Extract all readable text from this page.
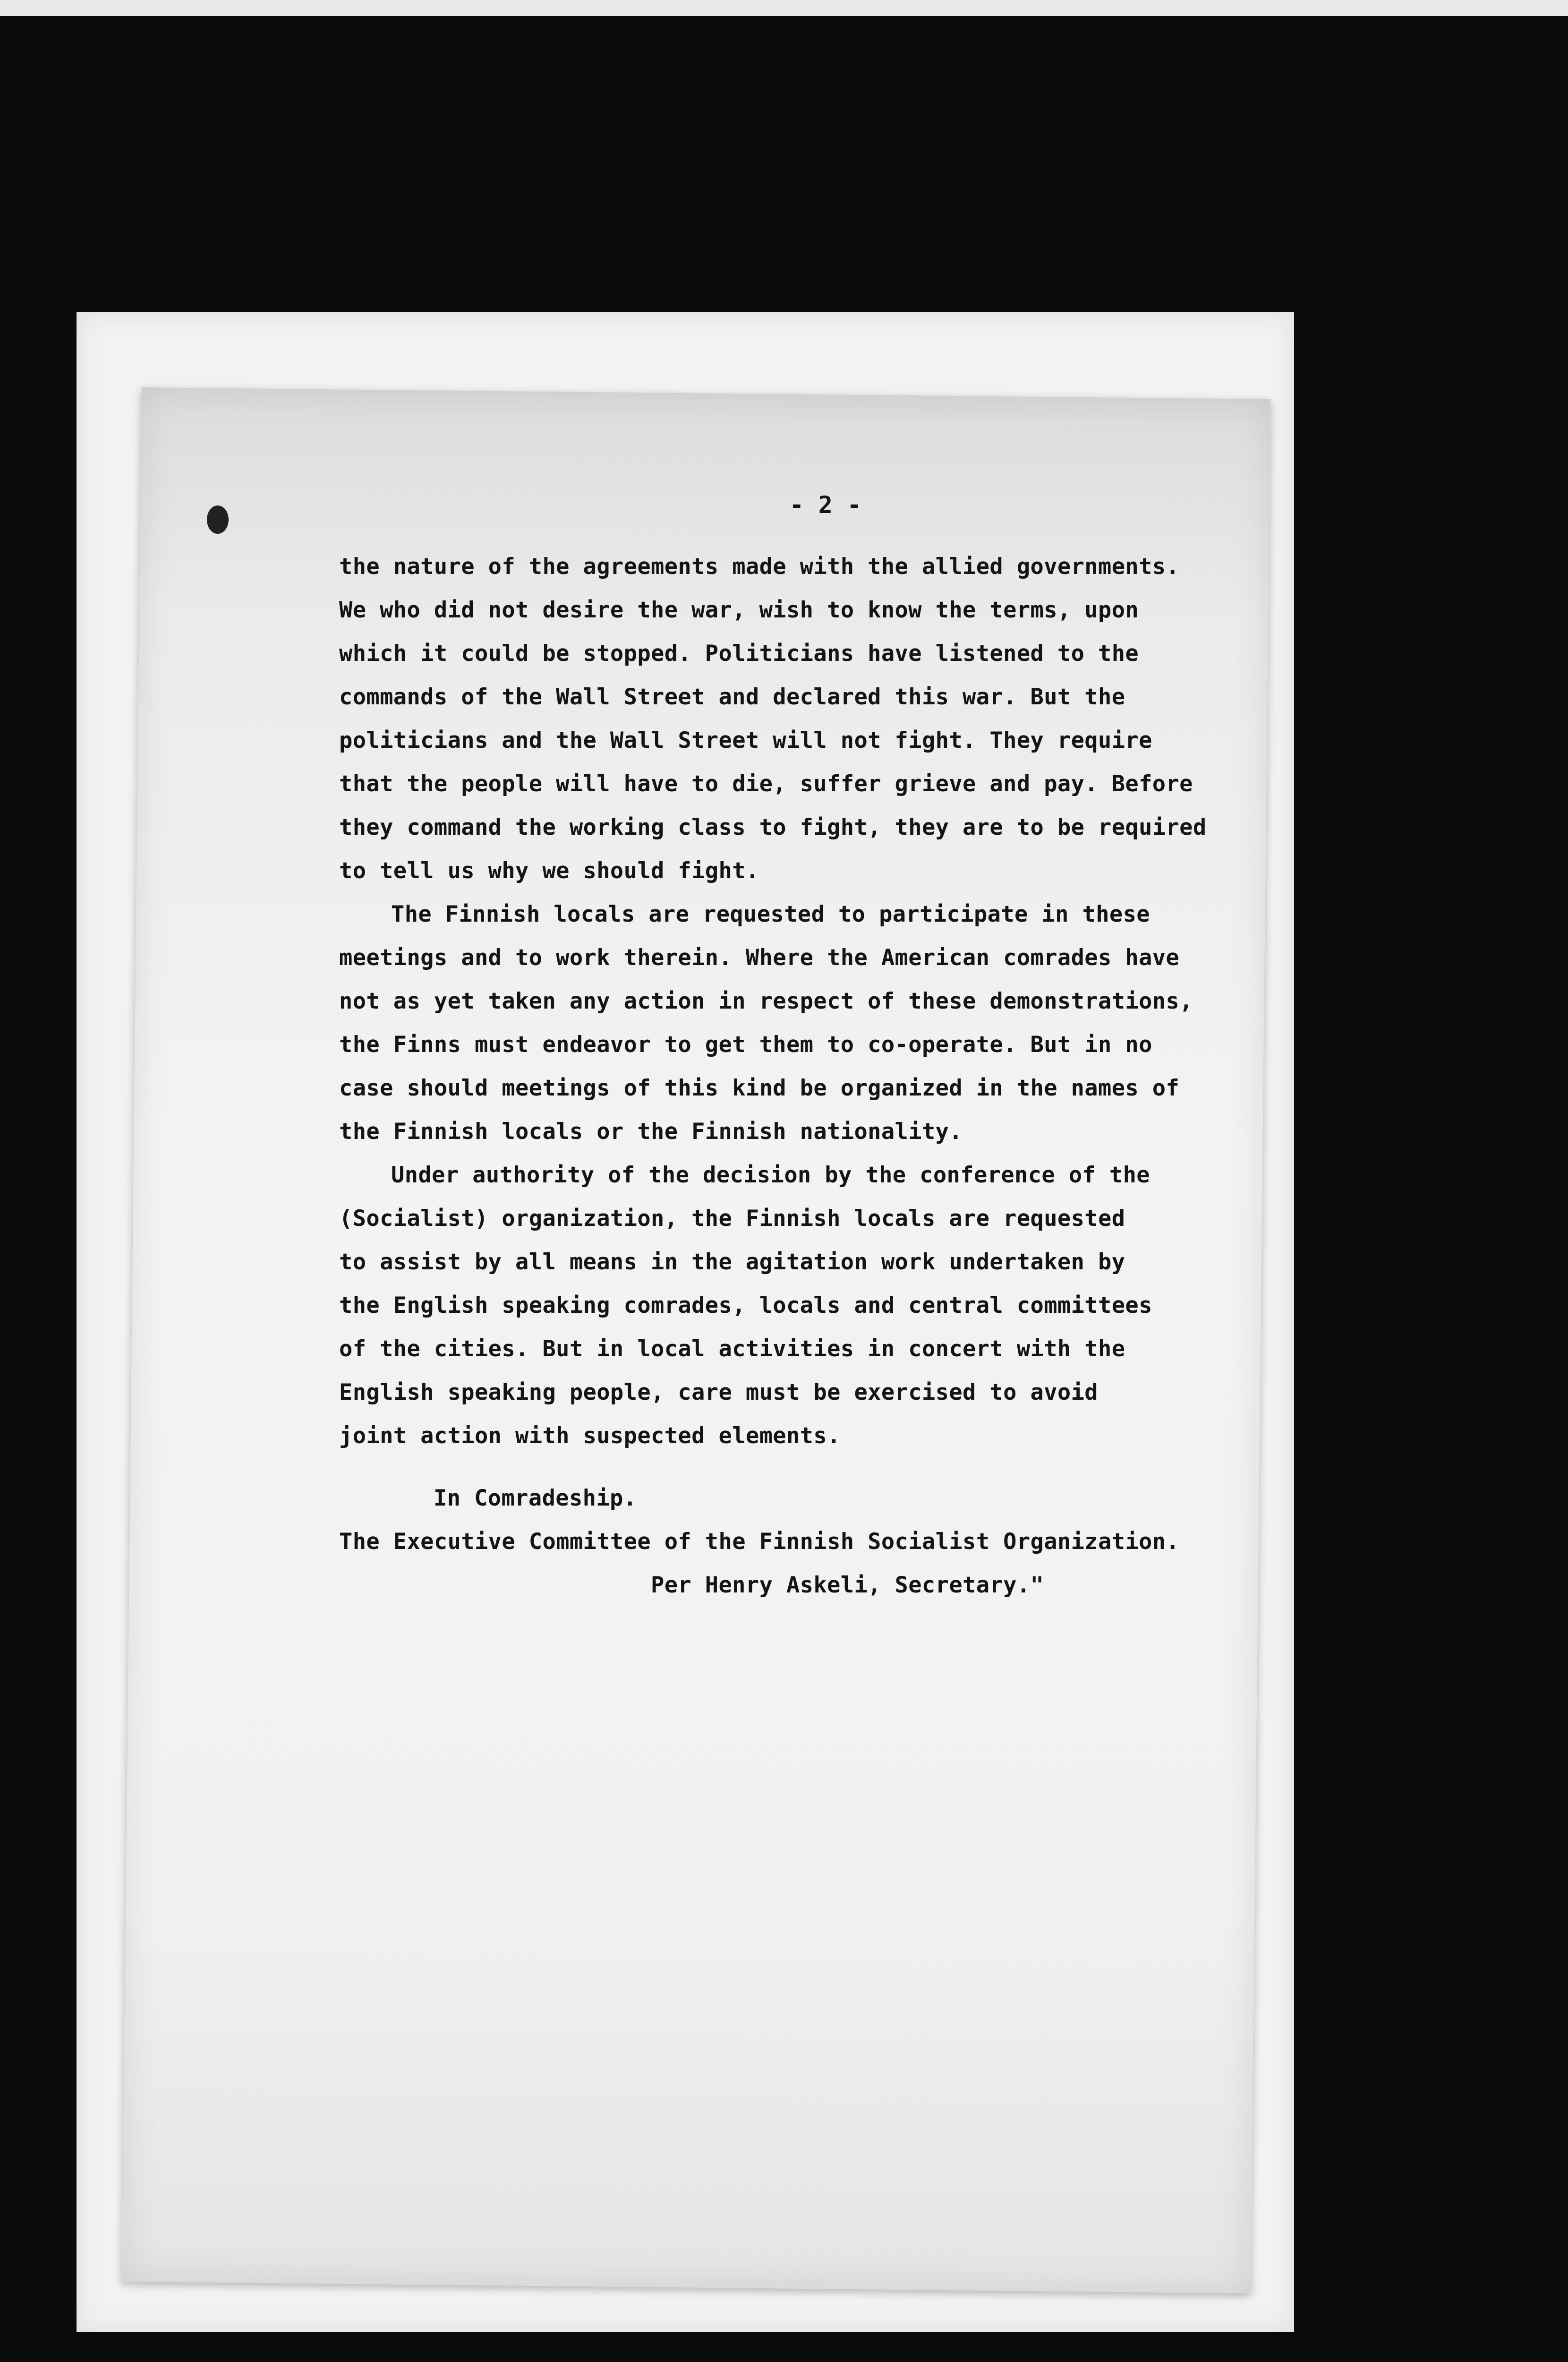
- 2 -

the nature of the agreements made with the allied governments.

We who did not desire the war, wish to know the terms, upon

which it could be stopped. Politicians have listened to the

commands of the Wall Street and declared this war. But the

politicians and the Wall Street will not fight. They require

that the people will have to die, suffer grieve and pay. Before

they command the working class to fight, they are to be required

to tell us why we should fight.

The Finnish locals are requested to participate in these

meetings and to work therein. Where the American comrades have

not as yet taken any action in respect of these demonstrations,

the Finns must endeavor to get them to co-operate. But in no

case should meetings of this kind be organized in the names of

the Finnish locals or the Finnish nationality.

Under authority of the decision by the conference of the

(Socialist) organization, the Finnish locals are requested

to assist by all means in the agitation work undertaken by

the English speaking comrades, locals and central committees

of the cities. But in local activities in concert with the

English speaking people, care must be exercised to avoid

joint action with suspected elements.

In Comradeship.

The Executive Committee of the Finnish Socialist Organization.

Per Henry Askeli, Secretary."
